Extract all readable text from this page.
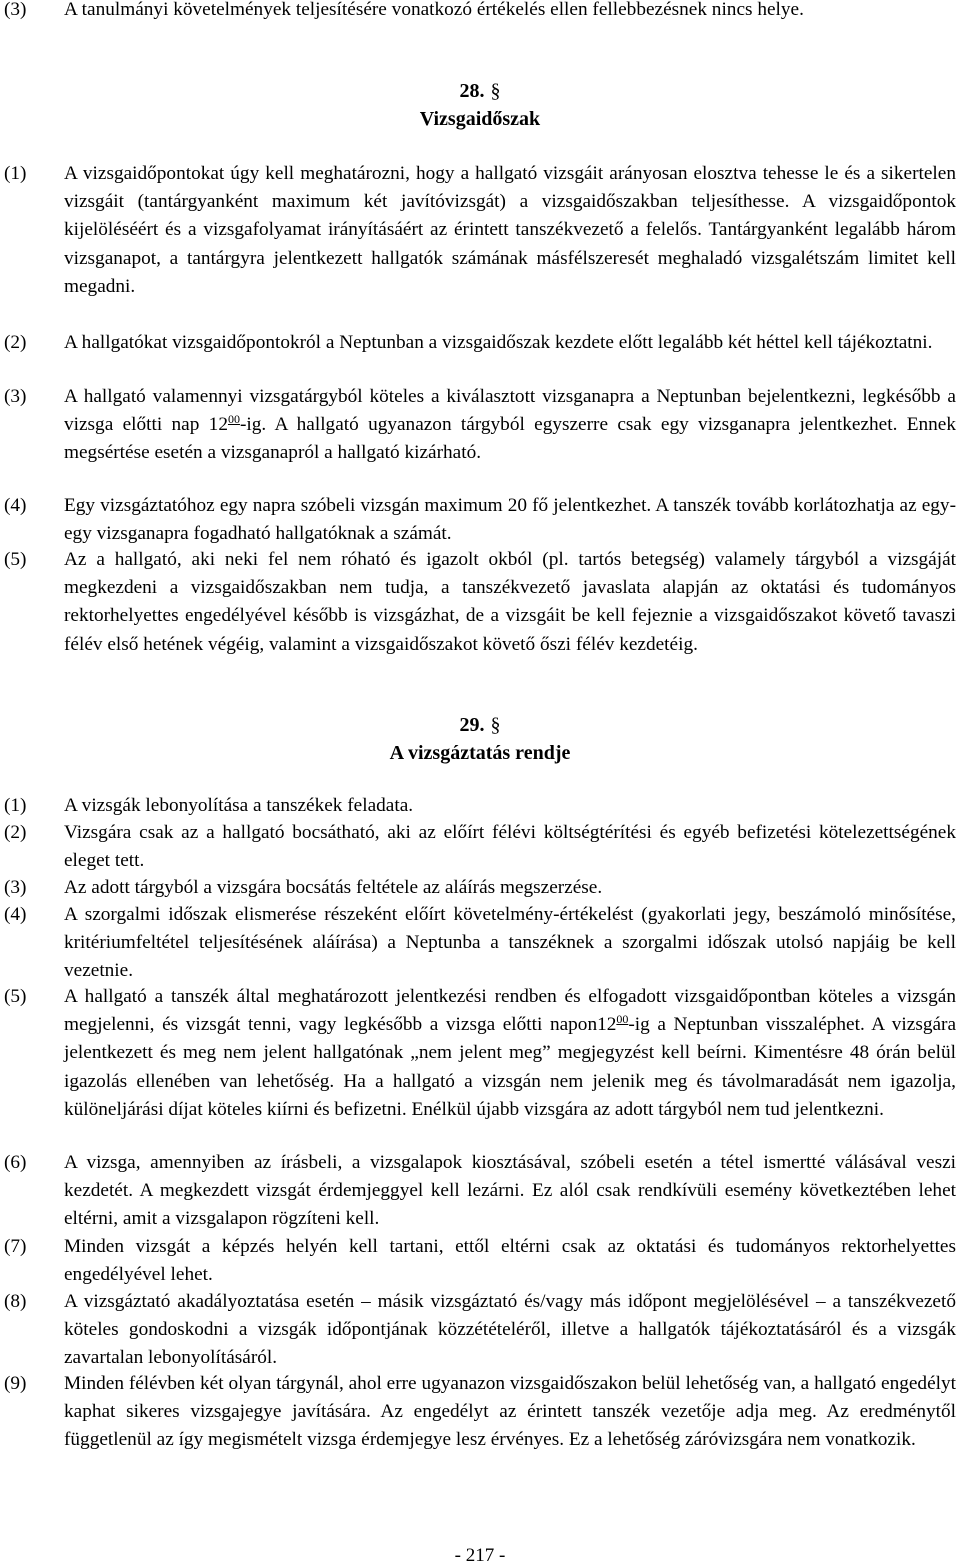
(3)	A tanulmányi követelmények teljesítésére vonatkozó értékelés ellen fellebbezésnek nincs helye.
28. §
Vizsgaidőszak
(1)	A vizsgaidőpontokat úgy kell meghatározni, hogy a hallgató vizsgáit arányosan elosztva tehesse le és a sikertelen vizsgáit (tantárgyanként maximum két javítóvizsgát) a vizsgaidőszakban teljesíthesse. A vizsgaidőpontok kijelöléséért és a vizsgafolyamat irányításáért az érintett tanszékvezető a felelős. Tantárgyanként legalább három vizsganapot, a tantárgyra jelentkezett hallgatók számának másfélszeresét meghaladó vizsgalétszám limitet kell megadni.
(2)	A hallgatókat vizsgaidőpontokról a Neptunban a vizsgaidőszak kezdete előtt legalább két héttel kell tájékoztatni.
(3)	A hallgató valamennyi vizsgatárgyból köteles a kiválasztott vizsganapra a Neptunban bejelentkezni, legkésőbb a vizsga előtti nap $12^{00}-ig$. A hallgató ugyanazon tárgyból egyszerre csak egy vizsganapra jelentkezhet. Ennek megsértése esetén a vizsganapról a hallgató kizárható.
(4)	Egy vizsgáztatóhoz egy napra szóbeli vizsgán maximum 20 fő jelentkezhet. A tanszék tovább korlátozhatja az egy-egy vizsganapra fogadható hallgatóknak a számát.
(5)	Az a hallgató, aki neki fel nem róható és igazolt okból (pl. tartós betegség) valamely tárgyból a vizsgáját megkezdeni a vizsgaidőszakban nem tudja, a tanszékvezető javaslata alapján az oktatási és tudományos rektorhelyettes engedélyével később is vizsgázhat, de a vizsgáit be kell fejeznie a vizsgaidőszakot követő tavaszi félév első hetének végéig, valamint a vizsgaidőszakot követő őszi félév kezdetéig.
29. §
A vizsgáztatás rendje
(1)	A vizsgák lebonyolítása a tanszékek feladata.
(2)	Vizsgára csak az a hallgató bocsátható, aki az előírt félévi költségtérítési és egyéb befizetési kötelezettségének eleget tett.
(3)	Az adott tárgyból a vizsgára bocsátás feltétele az aláírás megszerzése.
(4)	A szorgalmi időszak elismerése részeként előírt követelmény-értékelést (gyakorlati jegy, beszámoló minősítése, kritériumfeltétel teljesítésének aláírása) a Neptunba a tanszéknek a szorgalmi időszak utolsó napjáig be kell vezetnie.
(5)	A hallgató a tanszék által meghatározott jelentkezési rendben és elfogadott vizsgaidőpontban köteles a vizsgán megjelenni, és vizsgát tenni, vagy legkésőbb a vizsga előtti $napon12^{00}-ig$ a Neptunban visszaléphet. A vizsgára jelentkezett és meg nem jelent hallgatónak „nem jelent meg” megjegyzést kell beírni. Kimentésre 48 órán belül igazolás ellenében van lehetőség. Ha a hallgató a vizsgán nem jelenik meg és távolmaradását nem igazolja, különeljárási díjat köteles kiírni és befizetni. Enélkül újabb vizsgára az adott tárgyból nem tud jelentkezni.
(6)	A vizsga, amennyiben az írásbeli, a vizsgalapok kiosztásával, szóbeli esetén a tétel ismertté válásával veszi kezdetét. A megkezdett vizsgát érdemjeggyel kell lezárni. Ez alól csak rendkívüli esemény következtében lehet eltérni, amit a vizsgalapon rögzíteni kell.
(7)	Minden vizsgát a képzés helyén kell tartani, ettől eltérni csak az oktatási és tudományos rektorhelyettes engedélyével lehet.
(8)	A vizsgáztató akadályoztatása esetén – másik vizsgáztató és/vagy más időpont megjelölésével – a tanszékvezető köteles gondoskodni a vizsgák időpontjának közzétételéről, illetve a hallgatók tájékoztatásáról és a vizsgák zavartalan lebonyolításáról.
(9)	Minden félévben két olyan tárgynál, ahol erre ugyanazon vizsgaidőszakon belül lehetőség van, a hallgató engedélyt kaphat sikeres vizsgajegye javítására. Az engedélyt az érintett tanszék vezetője adja meg. Az eredménytől függetlenül az így megismételt vizsga érdemjegye lesz érvényes. Ez a lehetőség záróvizsgára nem vonatkozik.
- 217 -
